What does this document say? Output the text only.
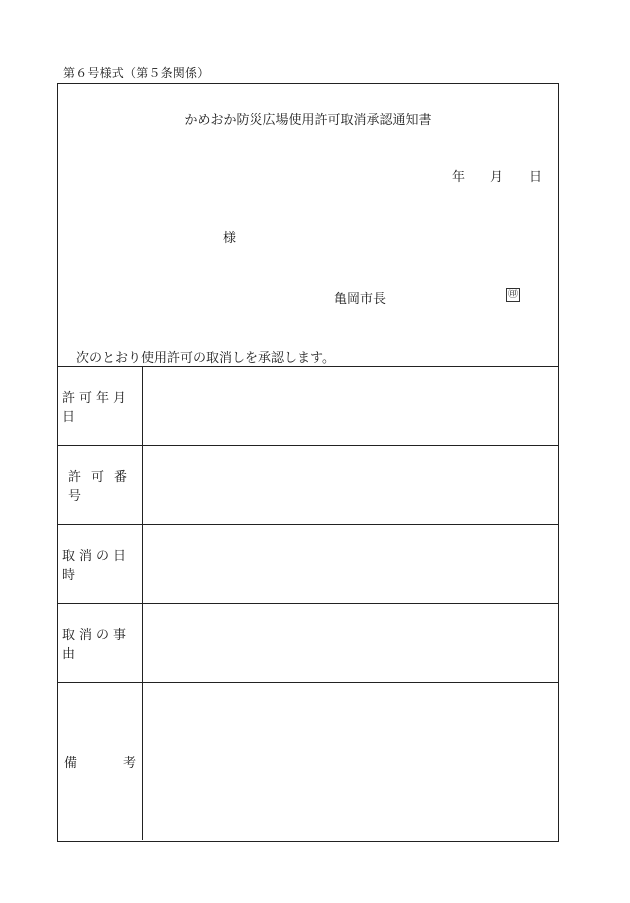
第６号様式（第５条関係）
かめおか防災広場使用許可取消承認通知書
年 月 日
様
亀岡市長	㊞
次のとおり使用許可の取消しを承認します。
許可年月日
許可番号
取消の日時
取消の事由
備	考
